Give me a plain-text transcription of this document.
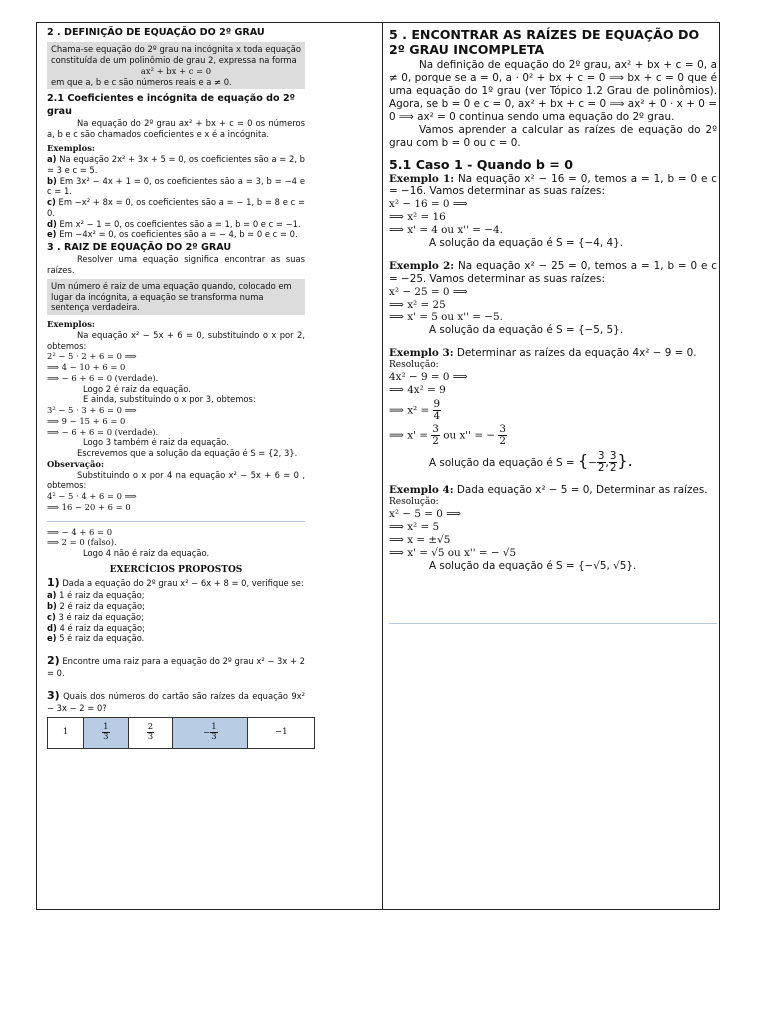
2 . DEFINIÇÃO DE EQUAÇÃO DO 2º GRAU

Chama-se equação do 2º grau na incógnita x toda equação constituída de um polinômio de grau 2, expressa na forma

ax² + bx + c = 0

em que a, b e c são números reais e a ≠ 0.

2.1 Coeficientes e incógnita de equação do 2º grau

Na equação do 2º grau ax² + bx + c = 0 os números a, b e c são chamados coeficientes e x é a incógnita.

Exemplos:

a) Na equação 2x² + 3x + 5 = 0, os coeficientes são a = 2, b = 3 e c = 5.

b) Em 3x² − 4x + 1 = 0, os coeficientes são a = 3, b = −4 e c = 1.

c) Em −x² + 8x = 0, os coeficientes são a = − 1, b = 8 e c = 0.

d) Em x² − 1 = 0, os coeficientes são a = 1, b = 0 e c = −1.

e) Em −4x² = 0, os coeficientes são a = − 4, b = 0 e c = 0.

3 . RAIZ DE EQUAÇÃO DO 2º GRAU

Resolver uma equação significa encontrar as suas raízes.

Um número é raiz de uma equação quando, colocado em lugar da incógnita, a equação se transforma numa sentença verdadeira.

Exemplos:

Na equação x² − 5x + 6 = 0, substituindo o x por 2, obtemos:

2² − 5 · 2 + 6 = 0 ⟹

⟹ 4 − 10 + 6 = 0

⟹ − 6 + 6 = 0 (verdade).

Logo 2 é raiz da equação.

E ainda, substituindo o x por 3, obtemos:

3² − 5 · 3 + 6 = 0 ⟹

⟹ 9 − 15 + 6 = 0

⟹ − 6 + 6 = 0 (verdade).

Logo 3 também é raiz da equação.

Escrevemos que a solução da equação é S = {2, 3}.

Observação:

Substituindo o x por 4 na equação x² − 5x + 6 = 0 , obtemos:

4² − 5 · 4 + 6 = 0 ⟹

⟹ 16 − 20 + 6 = 0

⟹ − 4 + 6 = 0

⟹ 2 = 0 (falso).

Logo 4 não é raiz da equação.

EXERCÍCIOS PROPOSTOS

1) Dada a equação do 2º grau x² − 6x + 8 = 0, verifique se:

a) 1 é raiz da equação;

b) 2 é raiz da equação;

c) 3 é raiz da equação;

d) 4 é raiz da equação;

e) 5 é raiz da equação.

2) Encontre uma raiz para a equação do 2º grau x² − 3x + 2 = 0.

3) Quais dos números do cartão são raízes da equação 9x² − 3x − 2 = 0?

1	$\frac{1}{3}$	$\frac{2}{3}$	− $\frac{1}{3}$	−1

5 . ENCONTRAR AS RAÍZES DE EQUAÇÃO DO 2º GRAU INCOMPLETA

Na definição de equação do 2º grau, ax² + bx + c = 0, a ≠ 0, porque se a = 0, a · 0² + bx + c = 0 ⟹ bx + c = 0 que é uma equação do 1º grau (ver Tópico 1.2 Grau de polinômios). Agora, se b = 0 e c = 0, ax² + bx + c = 0 ⟹ ax² + 0 · x + 0 = 0 ⟹ ax² = 0 continua sendo uma equação do 2º grau.

Vamos aprender a calcular as raízes de equação do 2º grau com b = 0 ou c = 0.

5.1 Caso 1 - Quando b = 0

Exemplo 1: Na equação x² − 16 = 0, temos a = 1, b = 0 e c = −16. Vamos determinar as suas raízes:

x² − 16 = 0 ⟹

⟹ x² = 16

⟹ x' = 4 ou x'' = −4.

A solução da equação é S = {−4, 4}.

Exemplo 2: Na equação x² − 25 = 0, temos a = 1, b = 0 e c = −25. Vamos determinar as suas raízes:

x² − 25 = 0 ⟹

⟹ x² = 25

⟹ x' = 5 ou x'' = −5.

A solução da equação é S = {−5, 5}.

Exemplo 3: Determinar as raízes da equação 4x² − 9 = 0.

Resolução:

4x² − 9 = 0 ⟹

⟹ 4x² = 9

⟹ $x^2 = \frac{9}{4}$

⟹ $x' = \frac{3}{2}$ ou x'' = − $\frac{3}{2}$

A solução da equação é S = {− $\frac{3}{2}$ , $\frac{3}{2}$ }.

Exemplo 4: Dada equação x² − 5 = 0, Determinar as raízes.

Resolução:

x² − 5 = 0 ⟹

⟹ x² = 5

⟹ x = ±√5

⟹ x' = √5 ou x'' = − √5

A solução da equação é S = {−√5, √5}.
